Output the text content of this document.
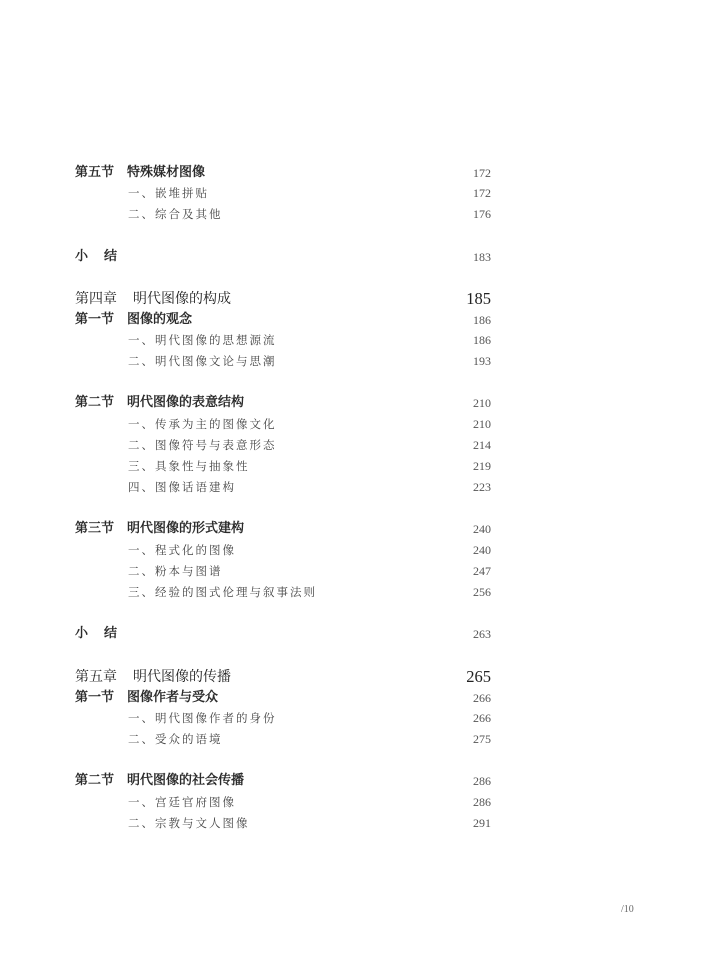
第五节 特殊媒材图像	172
一、嵌堆拼贴	172
二、综合及其他	176
小结	183
第四章 明代图像的构成	185
第一节 图像的观念	186
一、明代图像的思想源流	186
二、明代图像文论与思潮	193
第二节 明代图像的表意结构	210
一、传承为主的图像文化	210
二、图像符号与表意形态	214
三、具象性与抽象性	219
四、图像话语建构	223
第三节 明代图像的形式建构	240
一、程式化的图像	240
二、粉本与图谱	247
三、经验的图式伦理与叙事法则	256
小结	263
第五章 明代图像的传播	265
第一节 图像作者与受众	266
一、明代图像作者的身份	266
二、受众的语境	275
第二节 明代图像的社会传播	286
一、宫廷官府图像	286
二、宗教与文人图像	291
/10
